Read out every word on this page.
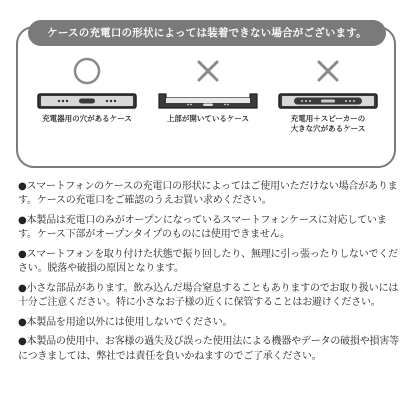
ケースの充電口の形状によっては装着できない場合がございます。
充電器用の穴があるケース	上部が開いているケース	充電用＋スピーカーの
大きな穴があるケース

●スマートフォンのケースの充電口の形状によってはご使用いただけない場合があります。ケースの充電口をご確認のうえお買い求めください。

●本製品は充電口のみがオープンになっているスマートフォンケースに対応しています。ケース下部がオープンタイプのものには使用できません。

●スマートフォンを取り付けた状態で振り回したり、無理に引っ張ったりしないでください。脱落や破損の原因となります。

●小さな部品があります。飲み込んだ場合窒息することもありますのでお取り扱いには十分ご注意ください。特に小さなお子様の近くに保管することはお避けください。

●本製品を用途以外には使用しないでください。

●本製品の使用中、お客様の過失及び誤った使用法による機器やデータの破損や損害等につきましては、弊社では責任を負いかねますのでご了承ください。
